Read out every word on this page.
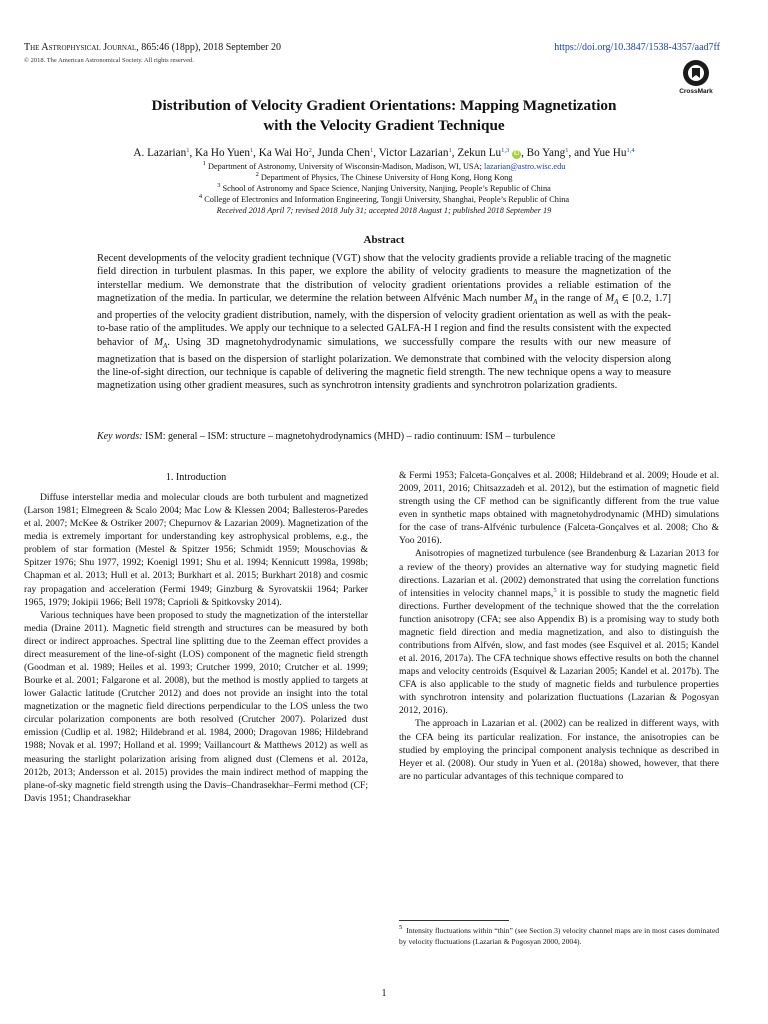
The Astrophysical Journal, 865:46 (18pp), 2018 September 20
© 2018. The American Astronomical Society. All rights reserved.
https://doi.org/10.3847/1538-4357/aad7ff
CrossMark
Distribution of Velocity Gradient Orientations: Mapping Magnetization
with the Velocity Gradient Technique
A. Lazarian$^1$, Ka Ho Yuen$^1$, Ka Wai Ho$^2$, Junda Chen$^1$, Victor Lazarian$^1$, Zekun Lu$^{1,3}$ iD , Bo Yang$^1$, and Yue Hu$^{1,4}$
$^1$ Department of Astronomy, University of Wisconsin-Madison, Madison, WI, USA; lazarian@astro.wisc.edu
$^2$ Department of Physics, The Chinese University of Hong Kong, Hong Kong
$^3$ School of Astronomy and Space Science, Nanjing University, Nanjing, People’s Republic of China
$^4$ College of Electronics and Information Engineering, Tongji University, Shanghai, People’s Republic of China
Received 2018 April 7; revised 2018 July 31; accepted 2018 August 1; published 2018 September 19
Abstract
Recent developments of the velocity gradient technique (VGT) show that the velocity gradients provide a reliable tracing of the magnetic field direction in turbulent plasmas. In this paper, we explore the ability of velocity gradients to measure the magnetization of the interstellar medium. We demonstrate that the distribution of velocity gradient orientations provides a reliable estimation of the magnetization of the media. In particular, we determine the relation between Alfvénic Mach number $M_A$ in the range of $M_A$ ∈ [0.2, 1.7] and properties of the velocity gradient distribution, namely, with the dispersion of velocity gradient orientation as well as with the peak-to-base ratio of the amplitudes. We apply our technique to a selected GALFA-H I region and find the results consistent with the expected behavior of $M_A$. Using 3D magnetohydrodynamic simulations, we successfully compare the results with our new measure of magnetization that is based on the dispersion of starlight polarization. We demonstrate that combined with the velocity dispersion along the line-of-sight direction, our technique is capable of delivering the magnetic field strength. The new technique opens a way to measure magnetization using other gradient measures, such as synchrotron intensity gradients and synchrotron polarization gradients.
Key words: ISM: general – ISM: structure – magnetohydrodynamics (MHD) – radio continuum: ISM – turbulence
1. Introduction

Diffuse interstellar media and molecular clouds are both turbulent and magnetized (Larson 1981; Elmegreen & Scalo 2004; Mac Low & Klessen 2004; Ballesteros-Paredes et al. 2007; McKee & Ostriker 2007; Chepurnov & Lazarian 2009). Magnetization of the media is extremely important for understanding key astrophysical problems, e.g., the problem of star formation (Mestel & Spitzer 1956; Schmidt 1959; Mouschovias & Spitzer 1976; Shu 1977, 1992; Koenigl 1991; Shu et al. 1994; Kennicutt 1998a, 1998b; Chapman et al. 2013; Hull et al. 2013; Burkhart et al. 2015; Burkhart 2018) and cosmic ray propagation and acceleration (Fermi 1949; Ginzburg & Syrovatskii 1964; Parker 1965, 1979; Jokipii 1966; Bell 1978; Caprioli & Spitkovsky 2014).

Various techniques have been proposed to study the magnetization of the interstellar media (Draine 2011). Magnetic field strength and structures can be measured by both direct or indirect approaches. Spectral line splitting due to the Zeeman effect provides a direct measurement of the line-of-sight (LOS) component of the magnetic field strength (Goodman et al. 1989; Heiles et al. 1993; Crutcher 1999, 2010; Crutcher et al. 1999; Bourke et al. 2001; Falgarone et al. 2008), but the method is mostly applied to targets at lower Galactic latitude (Crutcher 2012) and does not provide an insight into the total magnetization or the magnetic field directions perpendicular to the LOS unless the two circular polarization components are both resolved (Crutcher 2007). Polarized dust emission (Cudlip et al. 1982; Hildebrand et al. 1984, 2000; Dragovan 1986; Hildebrand 1988; Novak et al. 1997; Holland et al. 1999; Vaillancourt & Matthews 2012) as well as measuring the starlight polarization arising from aligned dust (Clemens et al. 2012a, 2012b, 2013; Andersson et al. 2015) provides the main indirect method of mapping the plane-of-sky magnetic field strength using the Davis–Chandrasekhar–Fermi method (CF; Davis 1951; Chandrasekhar

& Fermi 1953; Falceta-Gonçalves et al. 2008; Hildebrand et al. 2009; Houde et al. 2009, 2011, 2016; Chitsazzadeh et al. 2012), but the estimation of magnetic field strength using the CF method can be significantly different from the true value even in synthetic maps obtained with magnetohydrodynamic (MHD) simulations for the case of trans-Alfvénic turbulence (Falceta-Gonçalves et al. 2008; Cho & Yoo 2016).

Anisotropies of magnetized turbulence (see Brandenburg & Lazarian 2013 for a review of the theory) provides an alternative way for studying magnetic field directions. Lazarian et al. (2002) demonstrated that using the correlation functions of intensities in velocity channel maps,$^5$ it is possible to study the magnetic field directions. Further development of the technique showed that the the correlation function anisotropy (CFA; see also Appendix B) is a promising way to study both magnetic field direction and media magnetization, and also to distinguish the contributions from Alfvén, slow, and fast modes (see Esquivel et al. 2015; Kandel et al. 2016, 2017a). The CFA technique shows effective results on both the channel maps and velocity centroids (Esquivel & Lazarian 2005; Kandel et al. 2017b). The CFA is also applicable to the study of magnetic fields and turbulence properties with synchrotron intensity and polarization fluctuations (Lazarian & Pogosyan 2012, 2016).

The approach in Lazarian et al. (2002) can be realized in different ways, with the CFA being its particular realization. For instance, the anisotropies can be studied by employing the principal component analysis technique as described in Heyer et al. (2008). Our study in Yuen et al. (2018a) showed, however, that there are no particular advantages of this technique compared to

$^5$ Intensity fluctuations within “thin” (see Section 3) velocity channel maps are in most cases dominated by velocity fluctuations (Lazarian & Pogosyan 2000, 2004).
1
